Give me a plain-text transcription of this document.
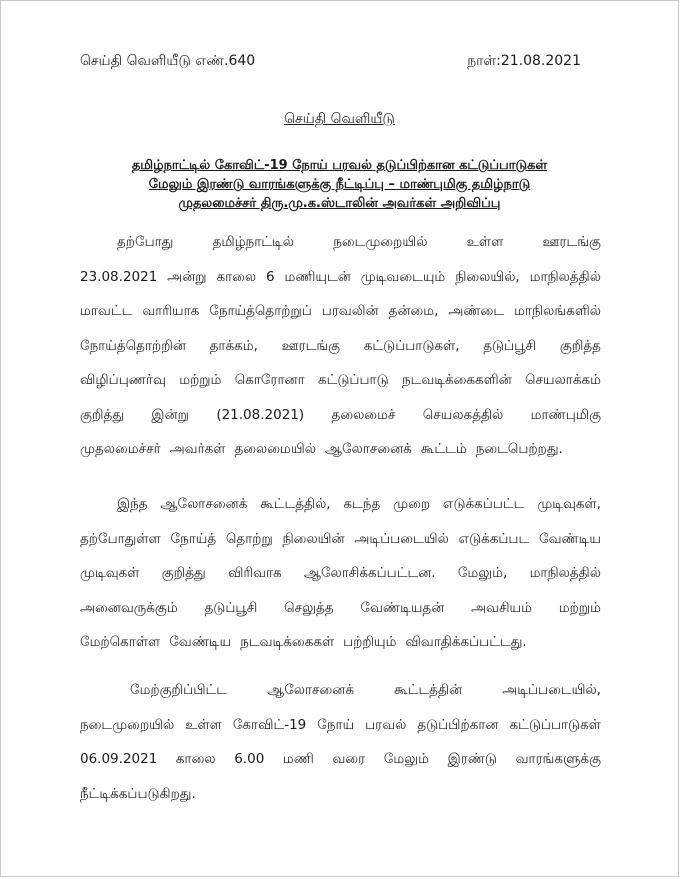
செய்தி வெளியீடு எண்.640	நாள்:21.08.2021
செய்தி வெளியீடு
தமிழ்நாட்டில் கோவிட்-19 நோய் பரவல் தடுப்பிற்கான கட்டுப்பாடுகள்
மேலும் இரண்டு வாரங்களுக்கு நீட்டிப்பு – மாண்புமிகு தமிழ்நாடு
முதலமைச்சர் திரு.மு.க.ஸ்டாலின் அவர்கள் அறிவிப்பு
தற்போது	தமிழ்நாட்டில்	நடைமுறையில்	உள்ள	ஊரடங்கு
23.08.2021 அன்று காலை 6 மணியுடன் முடிவடையும் நிலையில், மாநிலத்தில்
மாவட்ட வாரியாக நோய்த்தொற்றுப் பரவலின் தன்மை, அண்டை மாநிலங்களில்
நோய்த்தொற்றின் தாக்கம், ஊரடங்கு கட்டுப்பாடுகள், தடுப்பூசி குறித்த
விழிப்புணர்வு மற்றும் கொரோனா கட்டுப்பாடு நடவடிக்கைகளின் செயலாக்கம்
குறித்து இன்று (21.08.2021) தலைமைச் செயலகத்தில் மாண்புமிகு
முதலமைச்சர் அவர்கள் தலைமையில் ஆலோசனைக் கூட்டம் நடைபெற்றது.
இந்த ஆலோசனைக் கூட்டத்தில், கடந்த முறை எடுக்கப்பட்ட முடிவுகள்,
தற்போதுள்ள நோய்த் தொற்று நிலையின் அடிப்படையில் எடுக்கப்பட வேண்டிய
முடிவுகள் குறித்து விரிவாக ஆலோசிக்கப்பட்டன. மேலும், மாநிலத்தில்
அனைவருக்கும் தடுப்பூசி செலுத்த வேண்டியதன் அவசியம் மற்றும்
மேற்கொள்ள வேண்டிய நடவடிக்கைகள் பற்றியும் விவாதிக்கப்பட்டது.
மேற்குறிப்பிட்ட	ஆலோசனைக்	கூட்டத்தின்	அடிப்படையில்,
நடைமுறையில் உள்ள கோவிட்-19 நோய் பரவல் தடுப்பிற்கான கட்டுப்பாடுகள்
06.09.2021 காலை 6.00 மணி வரை மேலும் இரண்டு வாரங்களுக்கு
நீட்டிக்கப்படுகிறது.
